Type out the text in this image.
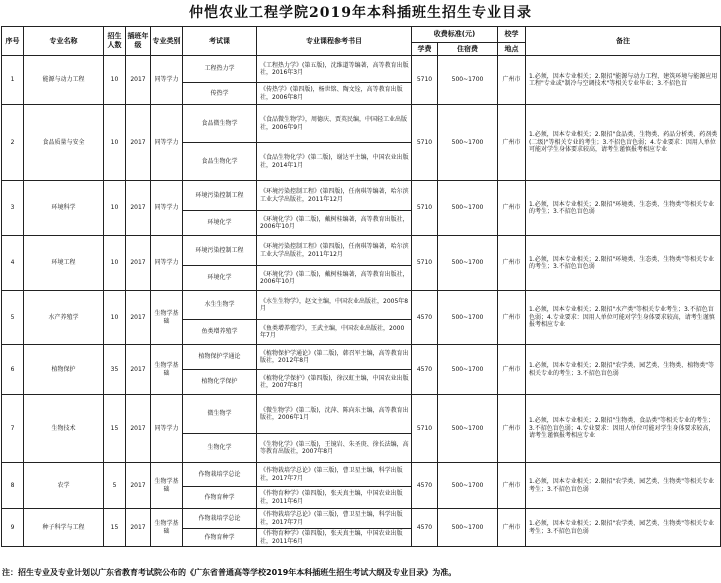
仲恺农业工程学院2019年本科插班生招生专业目录
序号	专业名称	招生人数	插班年级	专业类别	考试课	专业课程参考书目	收费标准(元)		校学	备注
							学费	住宿费	地点	
1	能源与动力工程	10	2017	同等学力	工程热力学	《工程热力学》(第五版)，沈维道等编著，高等教育出版社，2016年3月	5710	500~1700	广州市	1.必须，因本专业相关；2.限招"能源与动力工程、建筑环境与能源应用工程"专业或"制冷与空调技术"等相关专业毕业；3.不招色盲
					传热学	《传热学》(第四版)，杨世铭、陶文铨，高等教育出版社，2006年8月				
2	食品质量与安全	10	2017	同等学力	食品微生物学	《食品微生物学》，周德庆、贾英民编，中国轻工业出版社，2006年9月	5710	500~1700	广州市	1.必须，因本专业相关；2.限招"食品类、生物类、药品分析类、药剂类(二级)"等相关专业的考生；3.不招色盲色弱；4.专业要求：因用人单位可能对学生身体要求较高，请考生谨慎报考相应专业
					食品生物化学	《食品生物化学》(第二版)，谢达平主编，中国农业出版社，2014年1月				
3	环境科学	10	2017	同等学力	环境污染控制工程	《环境污染控制工程》(第四版)，任南琪等编著，哈尔滨工业大学出版社，2011年12月	5710	500~1700	广州市	1.必须，因本专业相关；2.限招"环境类、生态类、生物类"等相关专业的考生；3.不招色盲色弱
					环境化学	《环境化学》(第二版)，戴树桂编著，高等教育出版社，2006年10月				
4	环境工程	10	2017	同等学力	环境污染控制工程	《环境污染控制工程》(第四版)，任南琪等编著，哈尔滨工业大学出版社，2011年12月	5710	500~1700	广州市	1.必须，因本专业相关；2.限招"环境类、生态类、生物类"等相关专业的考生；3.不招色盲色弱
					环境化学	《环境化学》(第二版)，戴树桂编著，高等教育出版社，2006年10月				
5	水产养殖学	10	2017	生物学基础	水生生物学	《水生生物学》，赵文主编，中国农业出版社，2005年8月	4570	500~1700	广州市	1.必须，因本专业相关；2.限招"水产类"等相关专业考生；3.不招色盲色弱；4.专业要求：因用人单位可能对学生身体要求较高，请考生谨慎报考相应专业
					鱼类增养殖学	《鱼类增养殖学》，王武主编，中国农业出版社，2000年7月				
6	植物保护	35	2017	生物学基础	植物保护学通论	《植物保护学通论》(第二版)，韩召军主编，高等教育出版社，2012年8月	4570	500~1700	广州市	1.必须，因本专业相关；2.限招"农学类、园艺类、生物类、植物类"等相关专业的考生；3.不招色盲色弱
					植物化学保护	《植物化学保护》(第四版)，徐汉虹主编，中国农业出版社，2007年8月				
7	生物技术	15	2017	同等学力	微生物学	《微生物学》(第二版)，沈萍、陈向东主编，高等教育出版社，2006年1月	5710	500~1700	广州市	1.必须，因本专业相关；2.限招"生物类、食品类"等相关专业的考生；3.不招色盲色弱；4.专业要求：因用人单位可能对学生身体要求较高，请考生谨慎报考相应专业
					生物化学	《生物化学》(第三版)，王镜岩、朱圣庚、徐长法编，高等教育出版社，2007年8月				
8	农学	5	2017	生物学基础	作物栽培学总论	《作物栽培学总论》(第三版)，曹卫星主编，科学出版社，2017年7月	4570	500~1700	广州市	1.必须，因本专业相关；2.限招"农学类、园艺类、生物类"等相关专业考生；3.不招色盲色弱
					作物育种学	《作物育种学》(第四版)，张天真主编，中国农业出版社，2011年6月				
9	种子科学与工程	15	2017	生物学基础	作物栽培学总论	《作物栽培学总论》(第三版)，曹卫星主编，科学出版社，2017年7月	4570	500~1700	广州市	1.必须，因本专业相关；2.限招"农学类、园艺类、生物类"等相关专业考生；3.不招色盲色弱
					作物育种学	《作物育种学》(第四版)，张天真主编，中国农业出版社，2011年6月				
注：招生专业及专业计划以广东省教育考试院公布的《广东省普通高等学校2019年本科插班生招生考试大纲及专业目录》为准。
